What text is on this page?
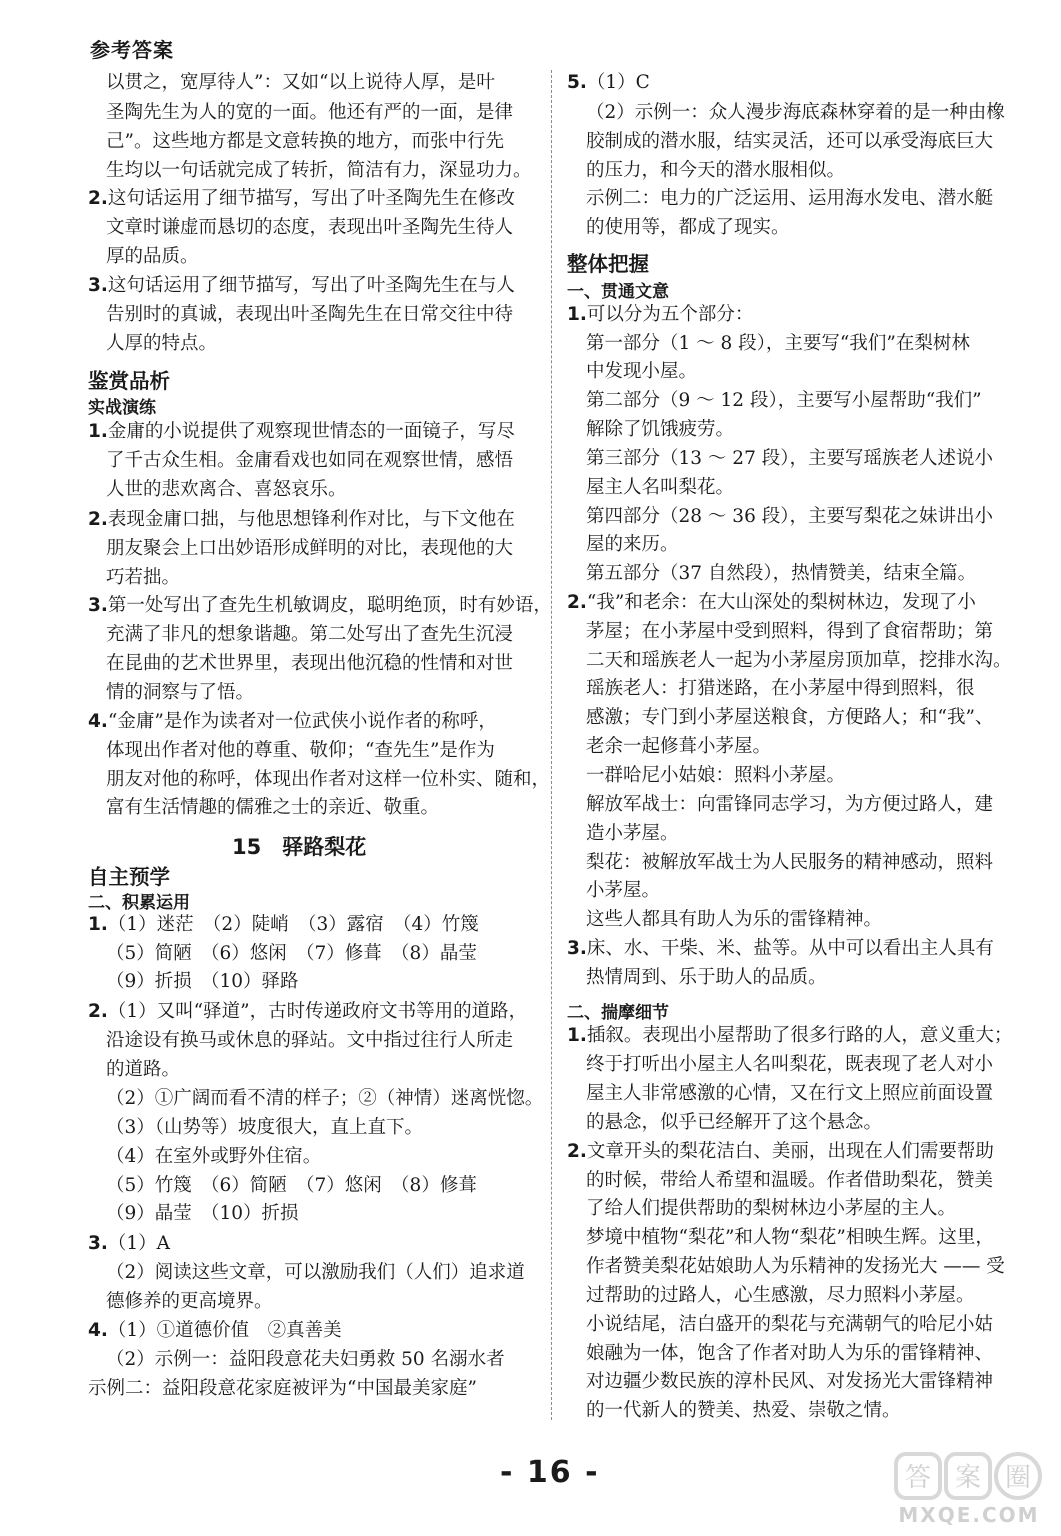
参考答案
以贯之，宽厚待人”：又如“以上说待人厚，是叶
圣陶先生为人的宽的一面。他还有严的一面，是律
己”。这些地方都是文意转换的地方，而张中行先
生均以一句话就完成了转折，简洁有力，深显功力。
2.这句话运用了细节描写，写出了叶圣陶先生在修改
文章时谦虚而恳切的态度，表现出叶圣陶先生待人
厚的品质。
3.这句话运用了细节描写，写出了叶圣陶先生在与人
告别时的真诚，表现出叶圣陶先生在日常交往中待
人厚的特点。
鉴赏品析
实战演练
1.金庸的小说提供了观察现世情态的一面镜子，写尽
了千古众生相。金庸看戏也如同在观察世情，感悟
人世的悲欢离合、喜怒哀乐。
2.表现金庸口拙，与他思想锋利作对比，与下文他在
朋友聚会上口出妙语形成鲜明的对比，表现他的大
巧若拙。
3.第一处写出了查先生机敏调皮，聪明绝顶，时有妙语，
充满了非凡的想象谐趣。第二处写出了查先生沉浸
在昆曲的艺术世界里，表现出他沉稳的性情和对世
情的洞察与了悟。
4.“金庸”是作为读者对一位武侠小说作者的称呼，
体现出作者对他的尊重、敬仰；“查先生”是作为
朋友对他的称呼，体现出作者对这样一位朴实、随和，
富有生活情趣的儒雅之士的亲近、敬重。
15　驿路梨花
自主预学
二、积累运用
1.（1）迷茫　（2）陡峭　（3）露宿　（4）竹篾
（5）简陋　（6）悠闲　（7）修葺　（8）晶莹
（9）折损　（10）驿路
2.（1）又叫“驿道”，古时传递政府文书等用的道路，
沿途设有换马或休息的驿站。文中指过往行人所走
的道路。
（2）①广阔而看不清的样子；②（神情）迷离恍惚。
（3）（山势等）坡度很大，直上直下。
（4）在室外或野外住宿。
（5）竹篾　（6）简陋　（7）悠闲　（8）修葺
（9）晶莹　（10）折损
3.（1）A
（2）阅读这些文章，可以激励我们（人们）追求道
德修养的更高境界。
4.（1）①道德价值　②真善美
（2）示例一：益阳段意花夫妇勇救 50 名溺水者
示例二：益阳段意花家庭被评为“中国最美家庭”
5.（1）C
（2）示例一：众人漫步海底森林穿着的是一种由橡
胶制成的潜水服，结实灵活，还可以承受海底巨大
的压力，和今天的潜水服相似。
示例二：电力的广泛运用、运用海水发电、潜水艇
的使用等，都成了现实。
整体把握
一、贯通文意
1.可以分为五个部分：
第一部分（1 ～ 8 段），主要写“我们”在梨树林
中发现小屋。
第二部分（9 ～ 12 段），主要写小屋帮助“我们”
解除了饥饿疲劳。
第三部分（13 ～ 27 段），主要写瑶族老人述说小
屋主人名叫梨花。
第四部分（28 ～ 36 段），主要写梨花之妹讲出小
屋的来历。
第五部分（37 自然段），热情赞美，结束全篇。
2.“我”和老余：在大山深处的梨树林边，发现了小
茅屋；在小茅屋中受到照料，得到了食宿帮助；第
二天和瑶族老人一起为小茅屋房顶加草，挖排水沟。
瑶族老人：打猎迷路，在小茅屋中得到照料，很
感激；专门到小茅屋送粮食，方便路人；和“我”、
老余一起修葺小茅屋。
一群哈尼小姑娘：照料小茅屋。
解放军战士：向雷锋同志学习，为方便过路人，建
造小茅屋。
梨花：被解放军战士为人民服务的精神感动，照料
小茅屋。
这些人都具有助人为乐的雷锋精神。
3.床、水、干柴、米、盐等。从中可以看出主人具有
热情周到、乐于助人的品质。
二、揣摩细节
1.插叙。表现出小屋帮助了很多行路的人，意义重大；
终于打听出小屋主人名叫梨花，既表现了老人对小
屋主人非常感激的心情，又在行文上照应前面设置
的悬念，似乎已经解开了这个悬念。
2.文章开头的梨花洁白、美丽，出现在人们需要帮助
的时候，带给人希望和温暖。作者借助梨花，赞美
了给人们提供帮助的梨树林边小茅屋的主人。
梦境中植物“梨花”和人物“梨花”相映生辉。这里，
作者赞美梨花姑娘助人为乐精神的发扬光大 —— 受
过帮助的过路人，心生感激，尽力照料小茅屋。
小说结尾，洁白盛开的梨花与充满朝气的哈尼小姑
娘融为一体，饱含了作者对助人为乐的雷锋精神、
对边疆少数民族的淳朴民风、对发扬光大雷锋精神
的一代新人的赞美、热爱、崇敬之情。
- 16 -	答 案 圈
MXQE.COM
